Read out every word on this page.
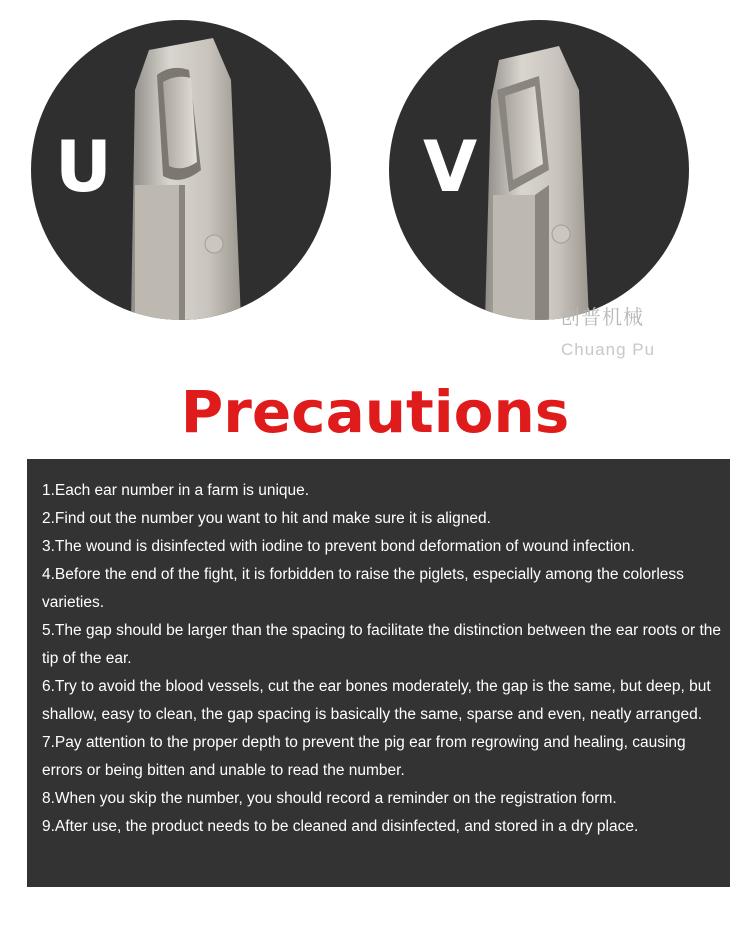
U	V
创普机械
Chuang Pu
Precautions
1.Each ear number in a farm is unique.
2.Find out the number you want to hit and make sure it is aligned.
3.The wound is disinfected with iodine to prevent bond deformation of wound infection.
4.Before the end of the fight, it is forbidden to raise the piglets, especially among the colorless varieties.
5.The gap should be larger than the spacing to facilitate the distinction between the ear roots or the tip of the ear.
6.Try to avoid the blood vessels, cut the ear bones moderately, the gap is the same, but deep, but shallow, easy to clean, the gap spacing is basically the same, sparse and even, neatly arranged.
7.Pay attention to the proper depth to prevent the pig ear from regrowing and healing, causing errors or being bitten and unable to read the number.
8.When you skip the number, you should record a reminder on the registration form.
9.After use, the product needs to be cleaned and disinfected, and stored in a dry place.
